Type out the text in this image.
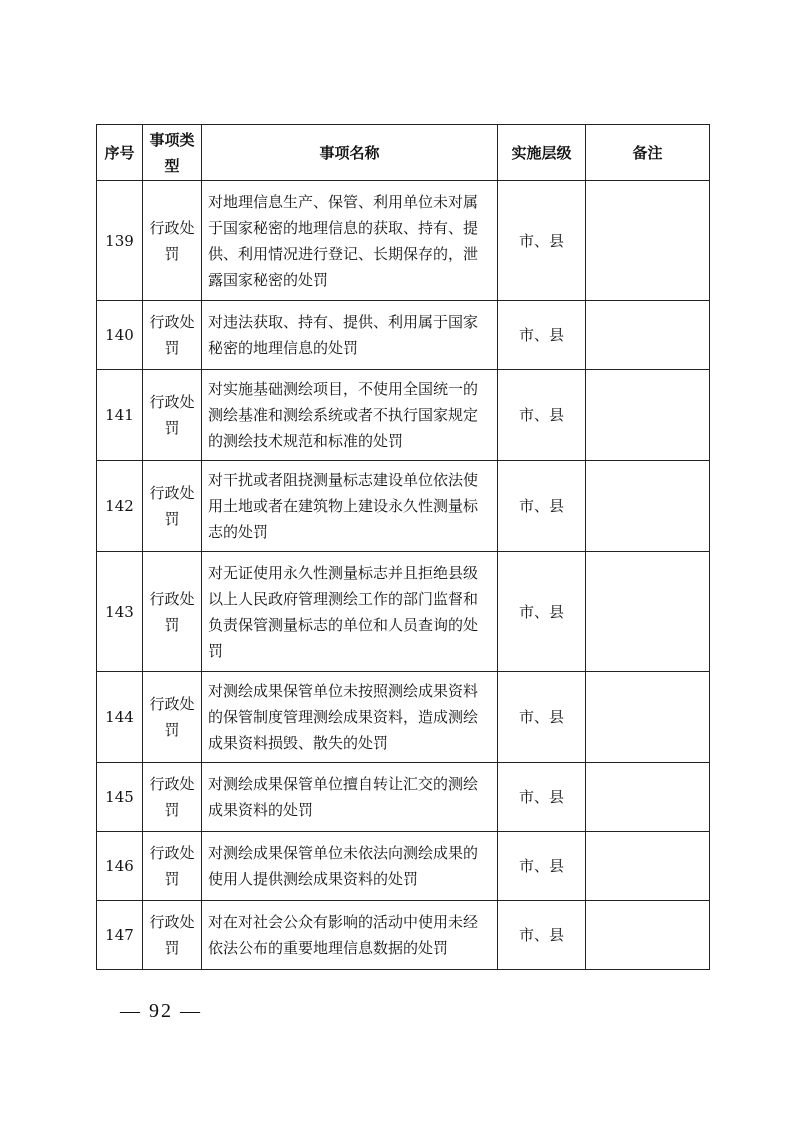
序号	事项类型	事项名称	实施层级	备注
139	行政处罚	对地理信息生产、保管、利用单位未对属于国家秘密的地理信息的获取、持有、提供、利用情况进行登记、长期保存的，泄露国家秘密的处罚	市、县	
140	行政处罚	对违法获取、持有、提供、利用属于国家秘密的地理信息的处罚	市、县	
141	行政处罚	对实施基础测绘项目，不使用全国统一的测绘基准和测绘系统或者不执行国家规定的测绘技术规范和标准的处罚	市、县	
142	行政处罚	对干扰或者阻挠测量标志建设单位依法使用土地或者在建筑物上建设永久性测量标志的处罚	市、县	
143	行政处罚	对无证使用永久性测量标志并且拒绝县级以上人民政府管理测绘工作的部门监督和负责保管测量标志的单位和人员查询的处罚	市、县	
144	行政处罚	对测绘成果保管单位未按照测绘成果资料的保管制度管理测绘成果资料，造成测绘成果资料损毁、散失的处罚	市、县	
145	行政处罚	对测绘成果保管单位擅自转让汇交的测绘成果资料的处罚	市、县	
146	行政处罚	对测绘成果保管单位未依法向测绘成果的使用人提供测绘成果资料的处罚	市、县	
147	行政处罚	对在对社会公众有影响的活动中使用未经依法公布的重要地理信息数据的处罚	市、县	
— 92 —
